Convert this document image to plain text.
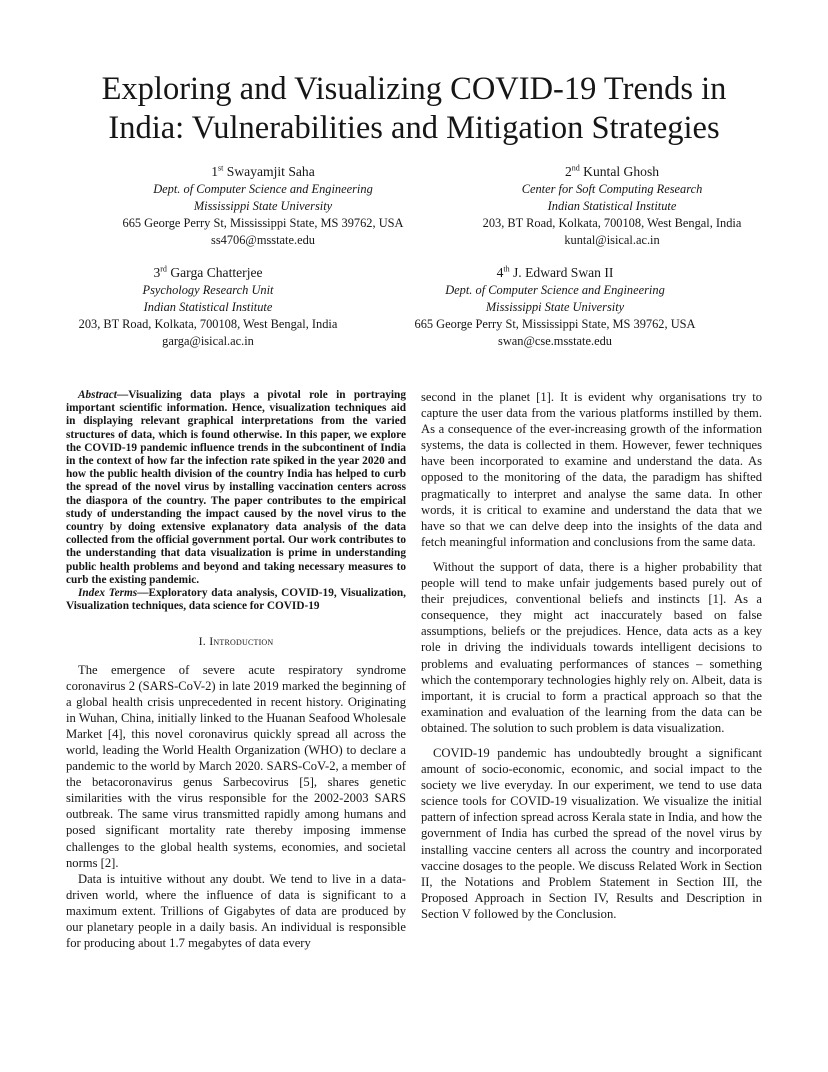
Exploring and Visualizing COVID-19 Trends in
India: Vulnerabilities and Mitigation Strategies
1st Swayamjit Saha
Dept. of Computer Science and Engineering
Mississippi State University
665 George Perry St, Mississippi State, MS 39762, USA
ss4706@msstate.edu
2nd Kuntal Ghosh
Center for Soft Computing Research
Indian Statistical Institute
203, BT Road, Kolkata, 700108, West Bengal, India
kuntal@isical.ac.in
3rd Garga Chatterjee
Psychology Research Unit
Indian Statistical Institute
203, BT Road, Kolkata, 700108, West Bengal, India
garga@isical.ac.in
4th J. Edward Swan II
Dept. of Computer Science and Engineering
Mississippi State University
665 George Perry St, Mississippi State, MS 39762, USA
swan@cse.msstate.edu

Abstract—Visualizing data plays a pivotal role in portraying important scientific information. Hence, visualization techniques aid in displaying relevant graphical interpretations from the varied structures of data, which is found otherwise. In this paper, we explore the COVID-19 pandemic influence trends in the subcontinent of India in the context of how far the infection rate spiked in the year 2020 and how the public health division of the country India has helped to curb the spread of the novel virus by installing vaccination centers across the diaspora of the country. The paper contributes to the empirical study of understanding the impact caused by the novel virus to the country by doing extensive explanatory data analysis of the data collected from the official government portal. Our work contributes to the understanding that data visualization is prime in understanding public health problems and beyond and taking necessary measures to curb the existing pandemic.

Index Terms—Exploratory data analysis, COVID-19, Visualization, Visualization techniques, data science for COVID-19

I. Introduction

The emergence of severe acute respiratory syndrome coronavirus 2 (SARS-CoV-2) in late 2019 marked the beginning of a global health crisis unprecedented in recent history. Originating in Wuhan, China, initially linked to the Huanan Seafood Wholesale Market [4], this novel coronavirus quickly spread all across the world, leading the World Health Organization (WHO) to declare a pandemic to the world by March 2020. SARS-CoV-2, a member of the betacoronavirus genus Sarbecovirus [5], shares genetic similarities with the virus responsible for the 2002-2003 SARS outbreak. The same virus transmitted rapidly among humans and posed significant mortality rate thereby imposing immense challenges to the global health systems, economies, and societal norms [2].

Data is intuitive without any doubt. We tend to live in a data-driven world, where the influence of data is significant to a maximum extent. Trillions of Gigabytes of data are produced by our planetary people in a daily basis. An individual is responsible for producing about 1.7 megabytes of data every

second in the planet [1]. It is evident why organisations try to capture the user data from the various platforms instilled by them. As a consequence of the ever-increasing growth of the information systems, the data is collected in them. However, fewer techniques have been incorporated to examine and understand the data. As opposed to the monitoring of the data, the paradigm has shifted pragmatically to interpret and analyse the same data. In other words, it is critical to examine and understand the data that we have so that we can delve deep into the insights of the data and fetch meaningful information and conclusions from the same data.

Without the support of data, there is a higher probability that people will tend to make unfair judgements based purely out of their prejudices, conventional beliefs and instincts [1]. As a consequence, they might act inaccurately based on false assumptions, beliefs or the prejudices. Hence, data acts as a key role in driving the individuals towards intelligent decisions to problems and evaluating performances of stances – something which the contemporary technologies highly rely on. Albeit, data is important, it is crucial to form a practical approach so that the examination and evaluation of the learning from the data can be obtained. The solution to such problem is data visualization.

COVID-19 pandemic has undoubtedly brought a significant amount of socio-economic, economic, and social impact to the society we live everyday. In our experiment, we tend to use data science tools for COVID-19 visualization. We visualize the initial pattern of infection spread across Kerala state in India, and how the government of India has curbed the spread of the novel virus by installing vaccine centers all across the country and incorporated vaccine dosages to the people. We discuss Related Work in Section II, the Notations and Problem Statement in Section III, the Proposed Approach in Section IV, Results and Description in Section V followed by the Conclusion.
